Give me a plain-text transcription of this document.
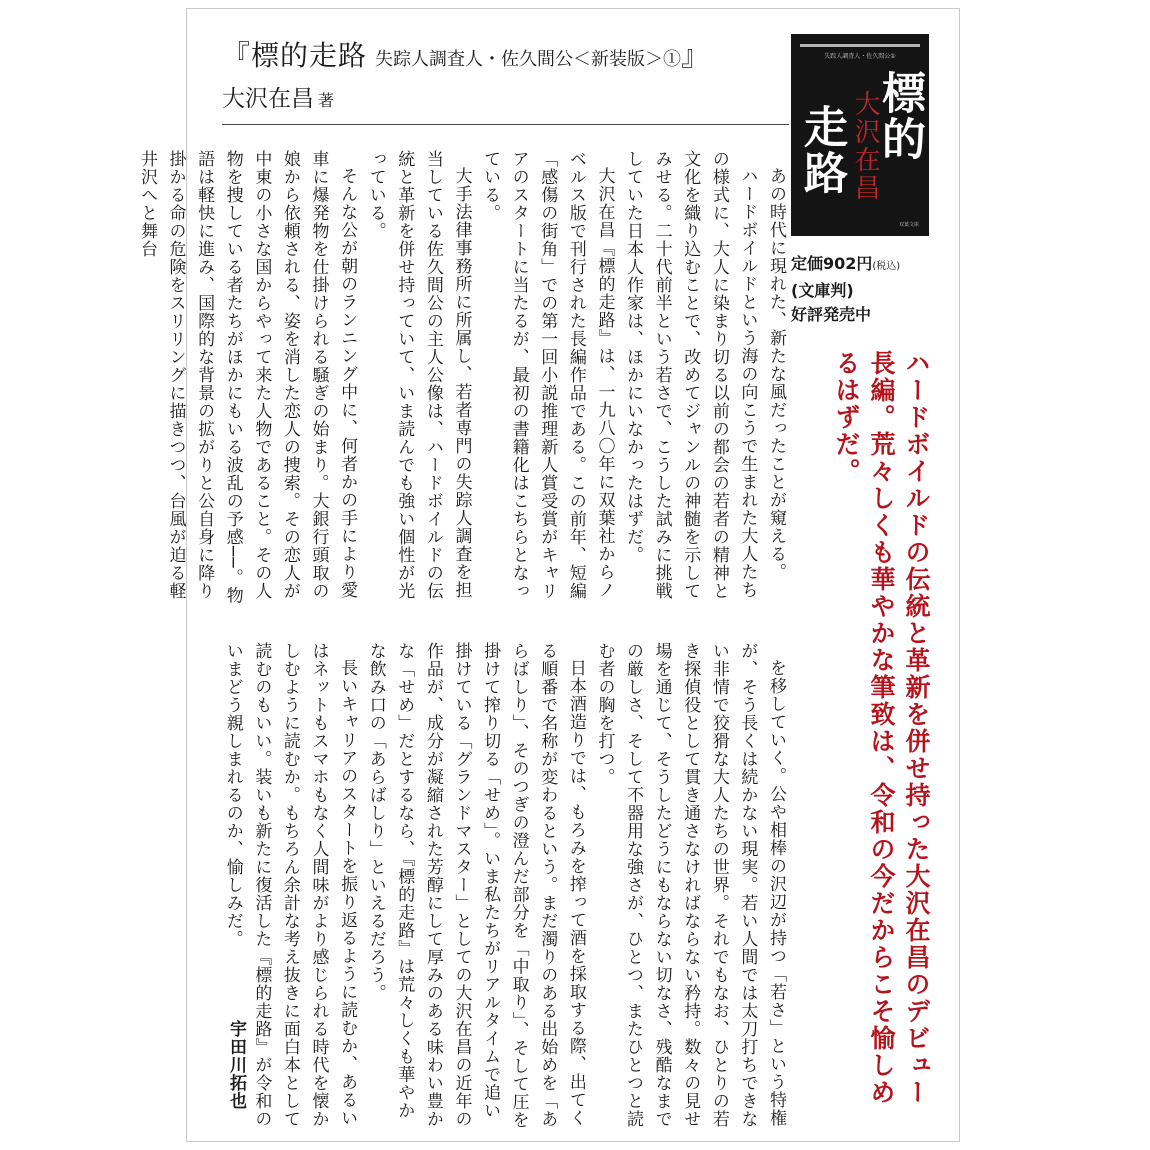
『標的走路 失踪人調査人・佐久間公＜新装版＞①』
大沢在昌 著

あの時代に現れた、新たな風だったことが窺える。

ハードボイルドという海の向こうで生まれた大人たちの様式に、大人に染まり切る以前の都会の若者の精神と文化を織り込むことで、改めてジャンルの神髄を示してみせる。二十代前半という若さで、こうした試みに挑戦していた日本人作家は、ほかにいなかったはずだ。

大沢在昌『標的走路』は、一九八〇年に双葉社からノベルス版で刊行された長編作品である。この前年、短編「感傷の街角」での第一回小説推理新人賞受賞がキャリアのスタートに当たるが、最初の書籍化はこちらとなっている。

大手法律事務所に所属し、若者専門の失踪人調査を担当している佐久間公の主人公像は、ハードボイルドの伝統と革新を併せ持っていて、いま読んでも強い個性が光っている。

そんな公が朝のランニング中に、何者かの手により愛車に爆発物を仕掛けられる騒ぎの始まり。大銀行頭取の娘から依頼される、姿を消した恋人の捜索。その恋人が中東の小さな国からやって来た人物であること。その人物を捜している者たちがほかにもいる波乱の予感──。物語は軽快に進み、国際的な背景の拡がりと公自身に降り掛かる命の危険をスリリングに描きつつ、台風が迫る軽井沢へと舞台

を移していく。公や相棒の沢辺が持つ「若さ」という特権が、そう長くは続かない現実。若い人間では太刀打ちできない非情で狡猾な大人たちの世界。それでもなお、ひとりの若き探偵役として貫き通さなければならない矜持。数々の見せ場を通じて、そうしたどうにもならない切なさ、残酷なまでの厳しさ、そして不器用な強さが、ひとつ、またひとつと読む者の胸を打つ。

日本酒造りでは、もろみを搾って酒を採取する際、出てくる順番で名称が変わるという。まだ濁りのある出始めを「あらばしり」、そのつぎの澄んだ部分を「中取り」、そして圧を掛けて搾り切る「せめ」。いま私たちがリアルタイムで追い掛けている「グランドマスター」としての大沢在昌の近年の作品が、成分が凝縮された芳醇にして厚みのある味わい豊かな「せめ」だとするなら、『標的走路』は荒々しくも華やかな飲み口の「あらばしり」といえるだろう。

長いキャリアのスタートを振り返るように読むか、あるいはネットもスマホもなく人間味がより感じられる時代を懐かしむように読むか。もちろん余計な考え抜きに面白本として読むのもいい。装いも新たに復活した『標的走路』が令和のいまどう親しまれるのか、愉しみだ。

宇田川拓也
失踪人調査人・佐久間公①
標的
大沢在昌
走路
双葉文庫
定価902円(税込)
(文庫判)
好評発売中
ハードボイルドの伝統と革新を併せ持った大沢在昌のデビュー長編。荒々しくも華やかな筆致は、令和の今だからこそ愉しめるはずだ。
